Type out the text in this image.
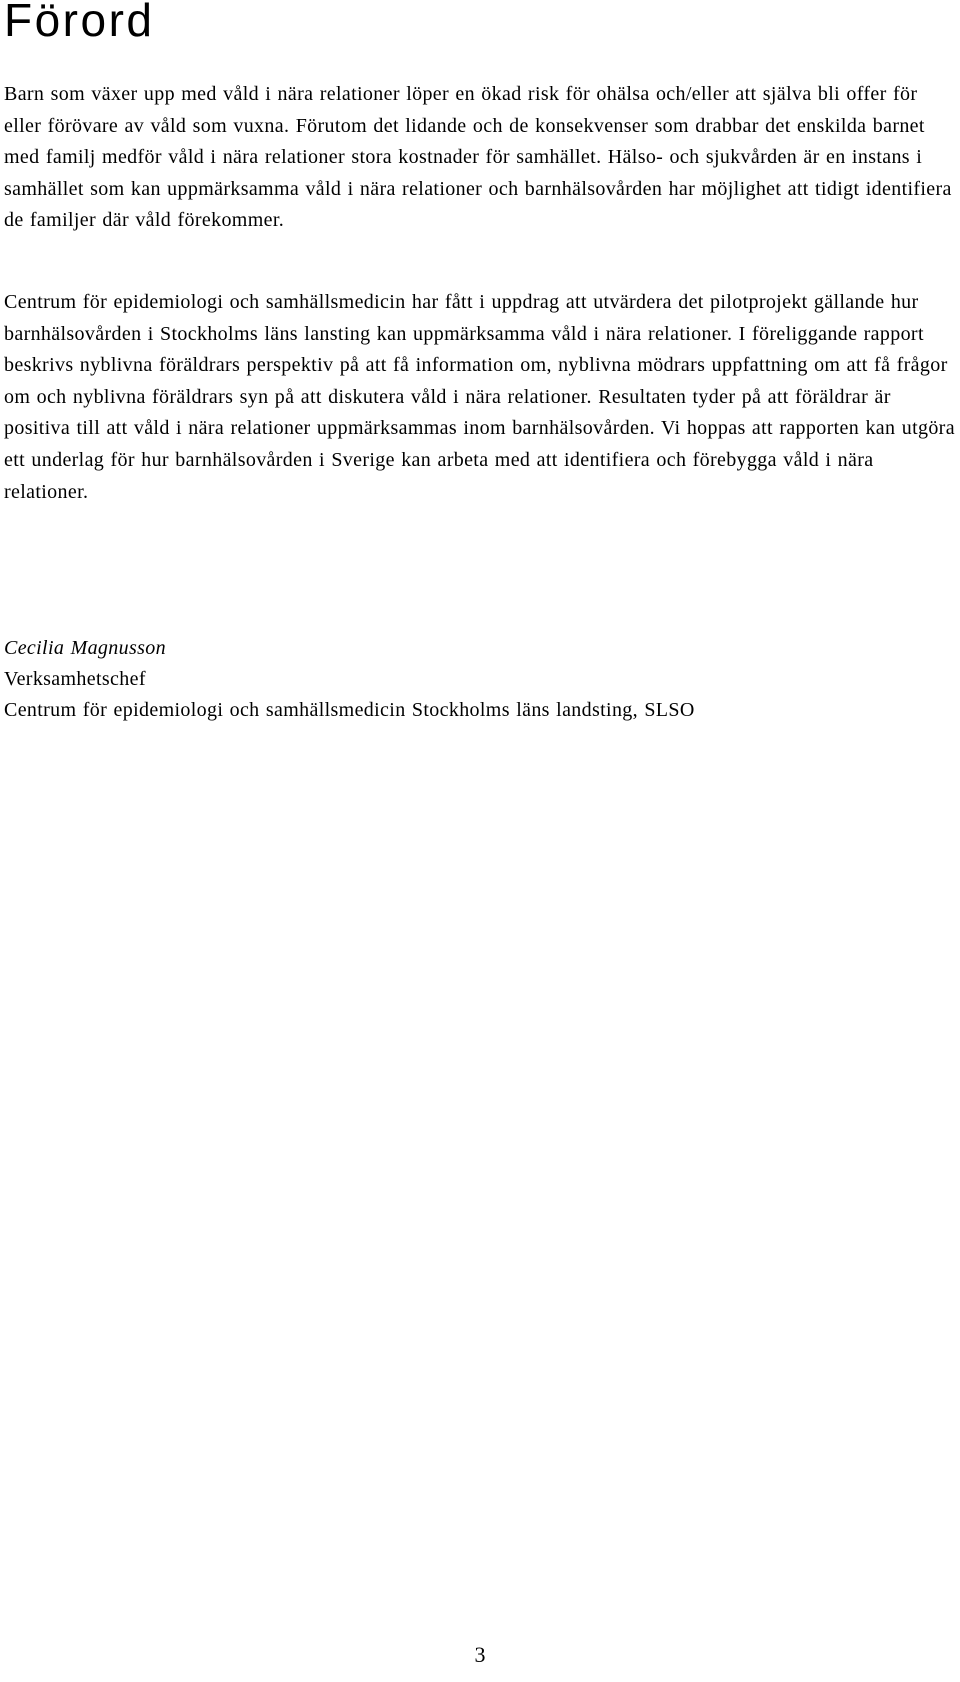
Förord

Barn som växer upp med våld i nära relationer löper en ökad risk för ohälsa och/eller att själva bli offer för eller förövare av våld som vuxna. Förutom det lidande och de konsekvenser som drabbar det enskilda barnet med familj medför våld i nära relationer stora kostnader för samhället. Hälso- och sjukvården är en instans i samhället som kan uppmärksamma våld i nära relationer och barnhälsovården har möjlighet att tidigt identifiera de familjer där våld förekommer.

Centrum för epidemiologi och samhällsmedicin har fått i uppdrag att utvärdera det pilotprojekt gällande hur barnhälsovården i Stockholms läns lansting kan uppmärksamma våld i nära relationer. I föreliggande rapport beskrivs nyblivna föräldrars perspektiv på att få information om, nyblivna mödrars uppfattning om att få frågor om och nyblivna föräldrars syn på att diskutera våld i nära relationer. Resultaten tyder på att föräldrar är positiva till att våld i nära relationer uppmärksammas inom barnhälsovården. Vi hoppas att rapporten kan utgöra ett underlag för hur barnhälsovården i Sverige kan arbeta med att identifiera och förebygga våld i nära relationer.

Cecilia Magnusson
Verksamhetschef
Centrum för epidemiologi och samhällsmedicin Stockholms läns landsting, SLSO
3
